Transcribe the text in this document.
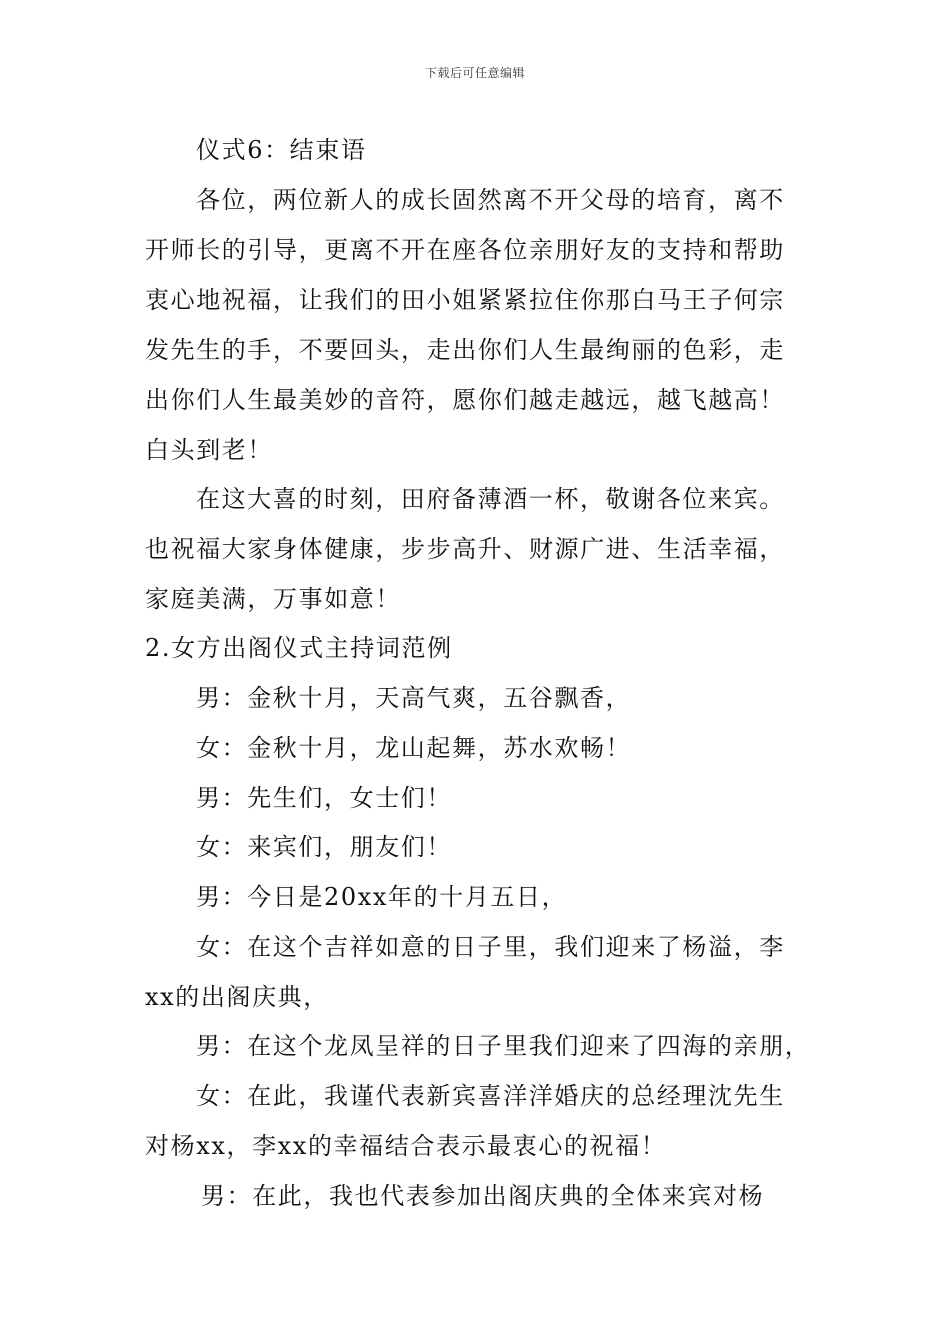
下载后可任意编辑
仪式6：结束语
各位，两位新人的成长固然离不开父母的培育，离不
开师长的引导，更离不开在座各位亲朋好友的支持和帮助
衷心地祝福，让我们的田小姐紧紧拉住你那白马王子何宗
发先生的手，不要回头，走出你们人生最绚丽的色彩，走
出你们人生最美妙的音符，愿你们越走越远，越飞越高！
白头到老！
在这大喜的时刻，田府备薄酒一杯，敬谢各位来宾。
也祝福大家身体健康，步步高升、财源广进、生活幸福，
家庭美满，万事如意！
2.女方出阁仪式主持词范例
男：金秋十月，天高气爽，五谷飘香，
女：金秋十月，龙山起舞，苏水欢畅！
男：先生们，女士们！
女：来宾们，朋友们！
男：今日是20xx年的十月五日，
女：在这个吉祥如意的日子里，我们迎来了杨溢，李
xx的出阁庆典，
男：在这个龙凤呈祥的日子里我们迎来了四海的亲朋，
女：在此，我谨代表新宾喜洋洋婚庆的总经理沈先生
对杨xx，李xx的幸福结合表示最衷心的祝福！
男：在此，我也代表参加出阁庆典的全体来宾对杨
